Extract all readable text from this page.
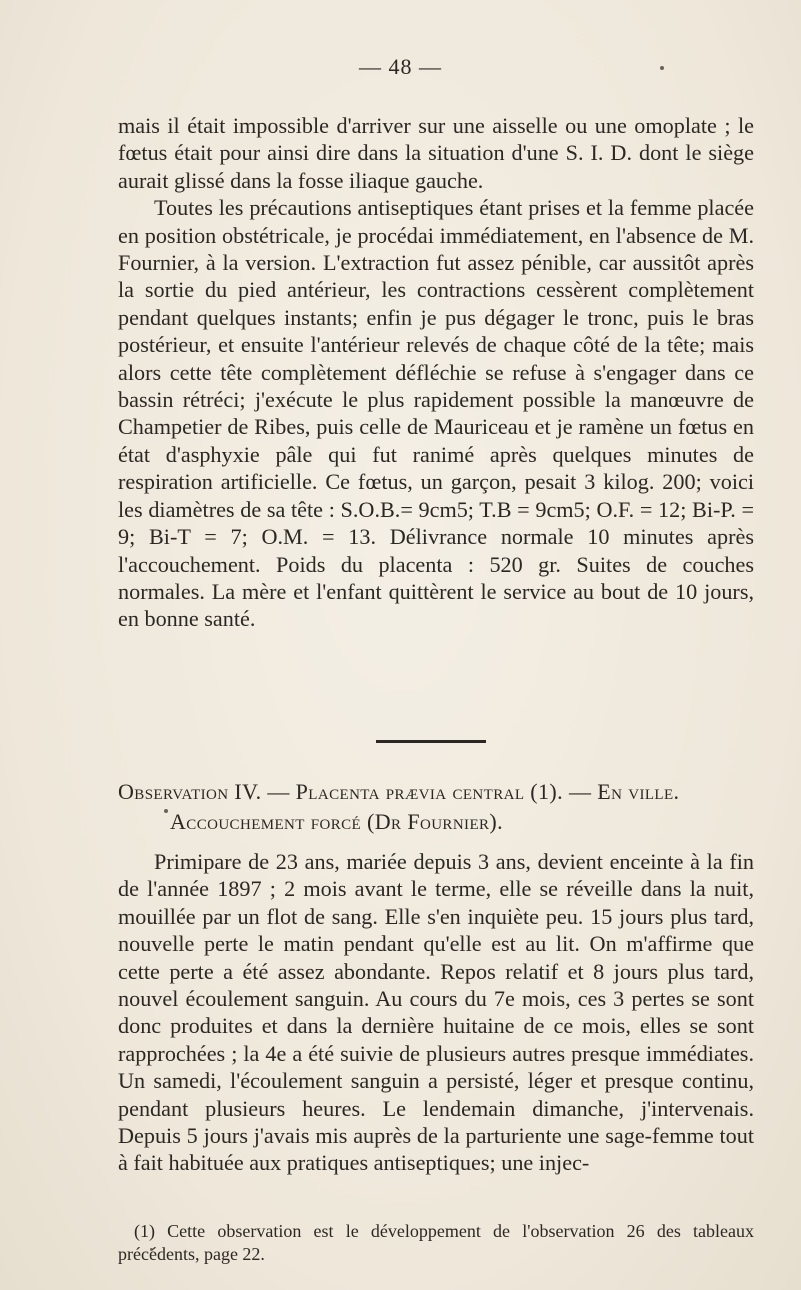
— 48 —

mais il était impossible d'arriver sur une aisselle ou une omoplate ; le fœtus était pour ainsi dire dans la situation d'une S. I. D. dont le siège aurait glissé dans la fosse iliaque gauche.

Toutes les précautions antiseptiques étant prises et la femme placée en position obstétricale, je procédai immédiatement, en l'absence de M. Fournier, à la version. L'extraction fut assez pénible, car aussitôt après la sortie du pied antérieur, les contractions cessèrent complètement pendant quelques instants; enfin je pus dégager le tronc, puis le bras postérieur, et ensuite l'antérieur relevés de chaque côté de la tête; mais alors cette tête complètement défléchie se refuse à s'engager dans ce bassin rétréci; j'exécute le plus rapidement possible la manœuvre de Champetier de Ribes, puis celle de Mauriceau et je ramène un fœtus en état d'asphyxie pâle qui fut ranimé après quelques minutes de respiration artificielle. Ce fœtus, un garçon, pesait 3 kilog. 200; voici les diamètres de sa tête : S.O.B.= 9cm5; T.B = 9cm5; O.F. = 12; Bi-P. = 9; Bi-T = 7; O.M. = 13. Délivrance normale 10 minutes après l'accouchement. Poids du placenta : 520 gr. Suites de couches normales. La mère et l'enfant quittèrent le service au bout de 10 jours, en bonne santé.

Observation IV. — Placenta prævia central (1). — En ville.
Accouchement forcé (Dr Fournier).

Primipare de 23 ans, mariée depuis 3 ans, devient enceinte à la fin de l'année 1897 ; 2 mois avant le terme, elle se réveille dans la nuit, mouillée par un flot de sang. Elle s'en inquiète peu. 15 jours plus tard, nouvelle perte le matin pendant qu'elle est au lit. On m'affirme que cette perte a été assez abondante. Repos relatif et 8 jours plus tard, nouvel écoulement sanguin. Au cours du 7e mois, ces 3 pertes se sont donc produites et dans la dernière huitaine de ce mois, elles se sont rapprochées ; la 4e a été suivie de plusieurs autres presque immédiates. Un samedi, l'écoulement sanguin a persisté, léger et presque continu, pendant plusieurs heures. Le lendemain dimanche, j'intervenais. Depuis 5 jours j'avais mis auprès de la parturiente une sage-femme tout à fait habituée aux pratiques antiseptiques; une injec-

(1) Cette observation est le développement de l'observation 26 des tableaux précédents, page 22.
